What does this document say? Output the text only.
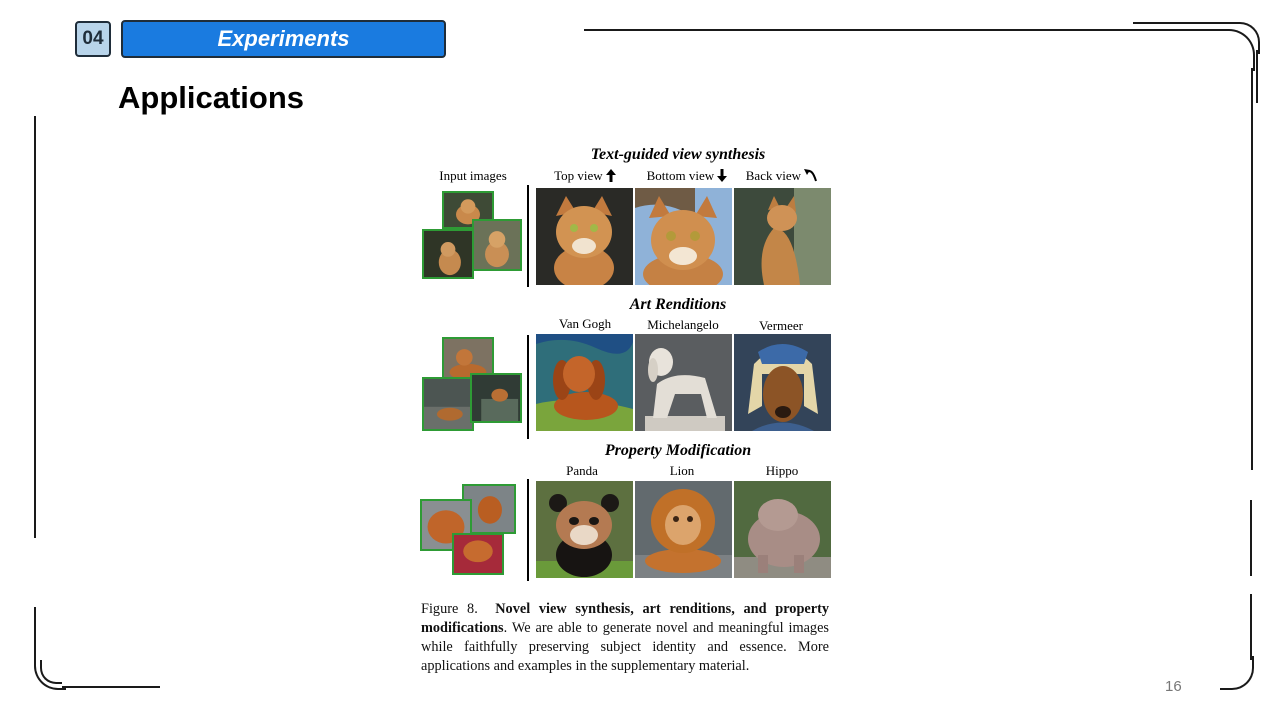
04	Experiments
Applications
Text-guided view synthesis
Input images	Top view	Bottom view	Back view
Art Renditions
Van Gogh	Michelangelo	Vermeer
Property Modification
Panda	Lion	Hippo
Figure 8. Novel view synthesis, art renditions, and property modifications. We are able to generate novel and meaningful images while faithfully preserving subject identity and essence. More applications and examples in the supplementary material.
16
